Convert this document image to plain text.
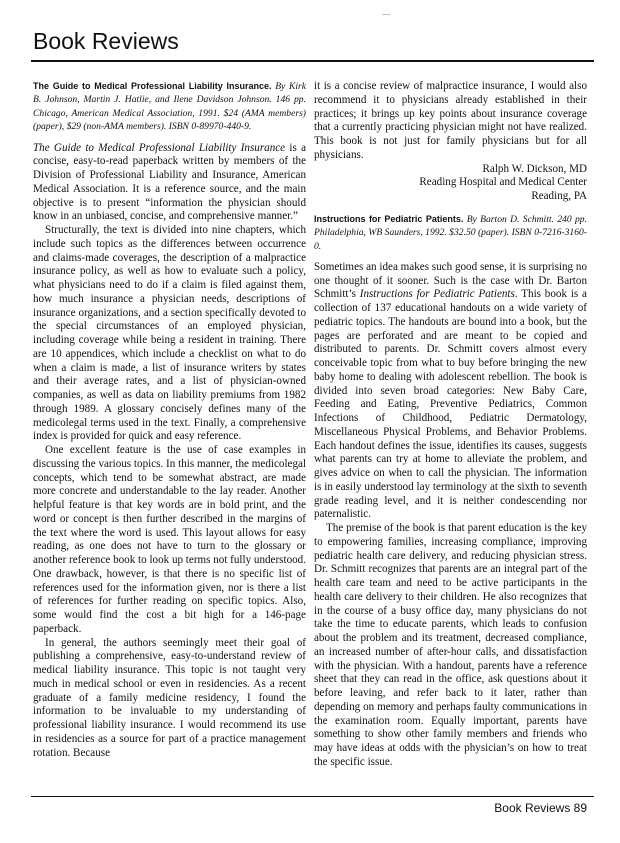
Book Reviews

The Guide to Medical Professional Liability Insurance. By Kirk B. Johnson, Martin J. Hatlie, and Ilene Davidson Johnson. 146 pp. Chicago, American Medical Association, 1991. $24 (AMA members) (paper), $29 (non-AMA members). ISBN 0-89970-440-9.

The Guide to Medical Professional Liability Insurance is a concise, easy-to-read paperback written by members of the Division of Professional Liability and Insurance, American Medical Association. It is a reference source, and the main objective is to present “information the physician should know in an unbiased, concise, and comprehensive manner.”

Structurally, the text is divided into nine chapters, which include such topics as the differences between occurrence and claims-made coverages, the description of a malpractice insurance policy, as well as how to evaluate such a policy, what physicians need to do if a claim is filed against them, how much insurance a physician needs, descriptions of insurance organizations, and a section specifically devoted to the special circumstances of an employed physician, including coverage while being a resident in training. There are 10 appendices, which include a checklist on what to do when a claim is made, a list of insurance writers by states and their average rates, and a list of physician-owned companies, as well as data on liability premiums from 1982 through 1989. A glossary concisely defines many of the medicolegal terms used in the text. Finally, a comprehensive index is provided for quick and easy reference.

One excellent feature is the use of case examples in discussing the various topics. In this manner, the medicolegal concepts, which tend to be somewhat abstract, are made more concrete and understandable to the lay reader. Another helpful feature is that key words are in bold print, and the word or concept is then further described in the margins of the text where the word is used. This layout allows for easy reading, as one does not have to turn to the glossary or another reference book to look up terms not fully understood. One drawback, however, is that there is no specific list of references used for the information given, nor is there a list of references for further reading on specific topics. Also, some would find the cost a bit high for a 146-page paperback.

In general, the authors seemingly meet their goal of publishing a comprehensive, easy-to-understand review of medical liability insurance. This topic is not taught very much in medical school or even in residencies. As a recent graduate of a family medicine residency, I found the information to be invaluable to my understanding of professional liability insurance. I would recommend its use in residencies as a source for part of a practice management rotation. Because

it is a concise review of malpractice insurance, I would also recommend it to physicians already established in their practices; it brings up key points about insurance coverage that a currently practicing physician might not have realized. This book is not just for family physicians but for all physicians.

Ralph W. Dickson, MD
Reading Hospital and Medical Center
Reading, PA

Instructions for Pediatric Patients. By Barton D. Schmitt. 240 pp. Philadelphia, WB Saunders, 1992. $32.50 (paper). ISBN 0-7216-3160-0.

Sometimes an idea makes such good sense, it is surprising no one thought of it sooner. Such is the case with Dr. Barton Schmitt’s Instructions for Pediatric Patients. This book is a collection of 137 educational handouts on a wide variety of pediatric topics. The handouts are bound into a book, but the pages are perforated and are meant to be copied and distributed to parents. Dr. Schmitt covers almost every conceivable topic from what to buy before bringing the new baby home to dealing with adolescent rebellion. The book is divided into seven broad categories: New Baby Care, Feeding and Eating, Preventive Pediatrics, Common Infections of Childhood, Pediatric Dermatology, Miscellaneous Physical Problems, and Behavior Problems. Each handout defines the issue, identifies its causes, suggests what parents can try at home to alleviate the problem, and gives advice on when to call the physician. The information is in easily understood lay terminology at the sixth to seventh grade reading level, and it is neither condescending nor paternalistic.

The premise of the book is that parent education is the key to empowering families, increasing compliance, improving pediatric health care delivery, and reducing physician stress. Dr. Schmitt recognizes that parents are an integral part of the health care team and need to be active participants in the health care delivery to their children. He also recognizes that in the course of a busy office day, many physicians do not take the time to educate parents, which leads to confusion about the problem and its treatment, decreased compliance, an increased number of after-hour calls, and dissatisfaction with the physician. With a handout, parents have a reference sheet that they can read in the office, ask questions about it before leaving, and refer back to it later, rather than depending on memory and perhaps faulty communications in the examination room. Equally important, parents have something to show other family members and friends who may have ideas at odds with the physician’s on how to treat the specific issue.

Book Reviews 89
